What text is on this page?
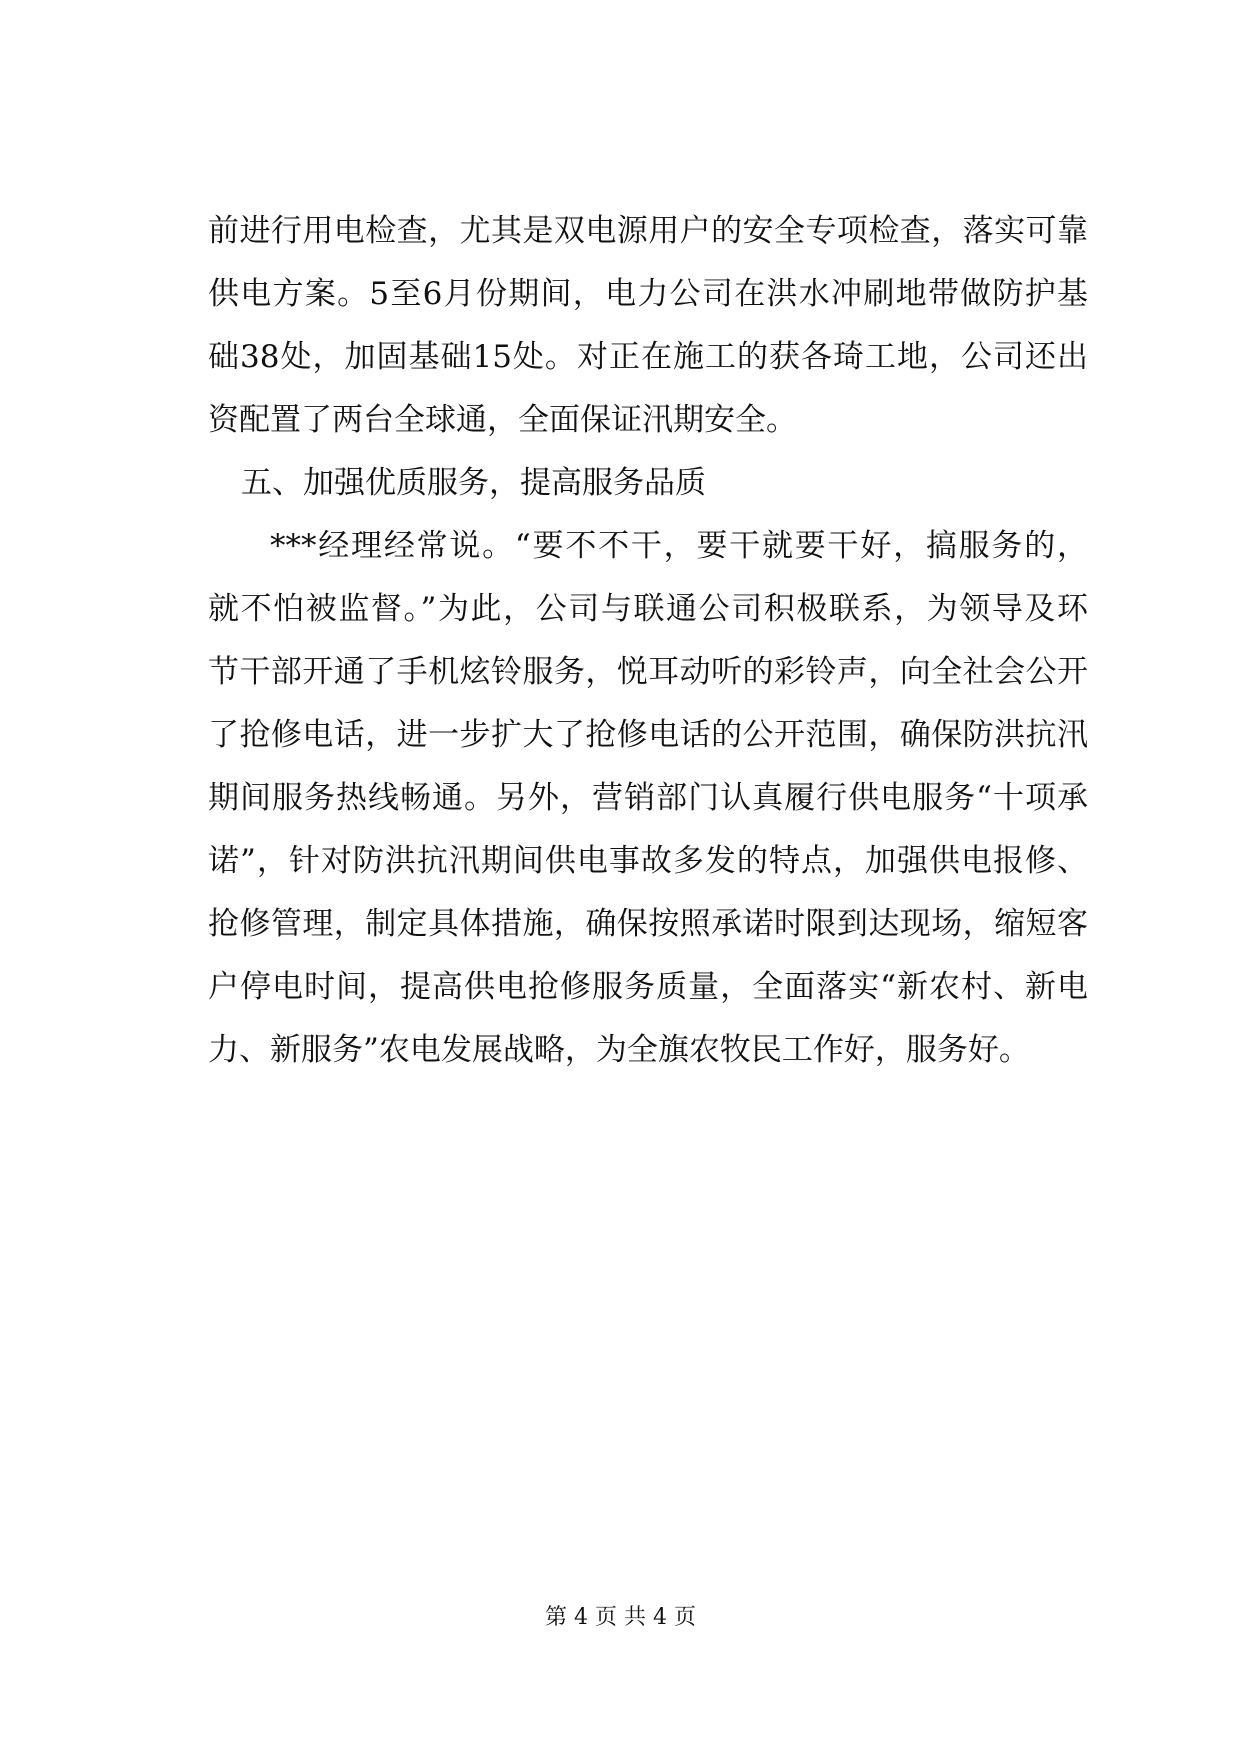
前进行用电检查，尤其是双电源用户的安全专项检查，落实可靠
供电方案。5至6月份期间，电力公司在洪水冲刷地带做防护基
础38处，加固基础15处。对正在施工的获各琦工地，公司还出
资配置了两台全球通，全面保证汛期安全。
五、加强优质服务，提高服务品质
***经理经常说。“要不不干，要干就要干好，搞服务的，
就不怕被监督。”为此，公司与联通公司积极联系，为领导及环
节干部开通了手机炫铃服务，悦耳动听的彩铃声，向全社会公开
了抢修电话，进一步扩大了抢修电话的公开范围，确保防洪抗汛
期间服务热线畅通。另外，营销部门认真履行供电服务“十项承
诺”，针对防洪抗汛期间供电事故多发的特点，加强供电报修、
抢修管理，制定具体措施，确保按照承诺时限到达现场，缩短客
户停电时间，提高供电抢修服务质量，全面落实“新农村、新电
力、新服务”农电发展战略，为全旗农牧民工作好，服务好。
第 4 页 共 4 页
